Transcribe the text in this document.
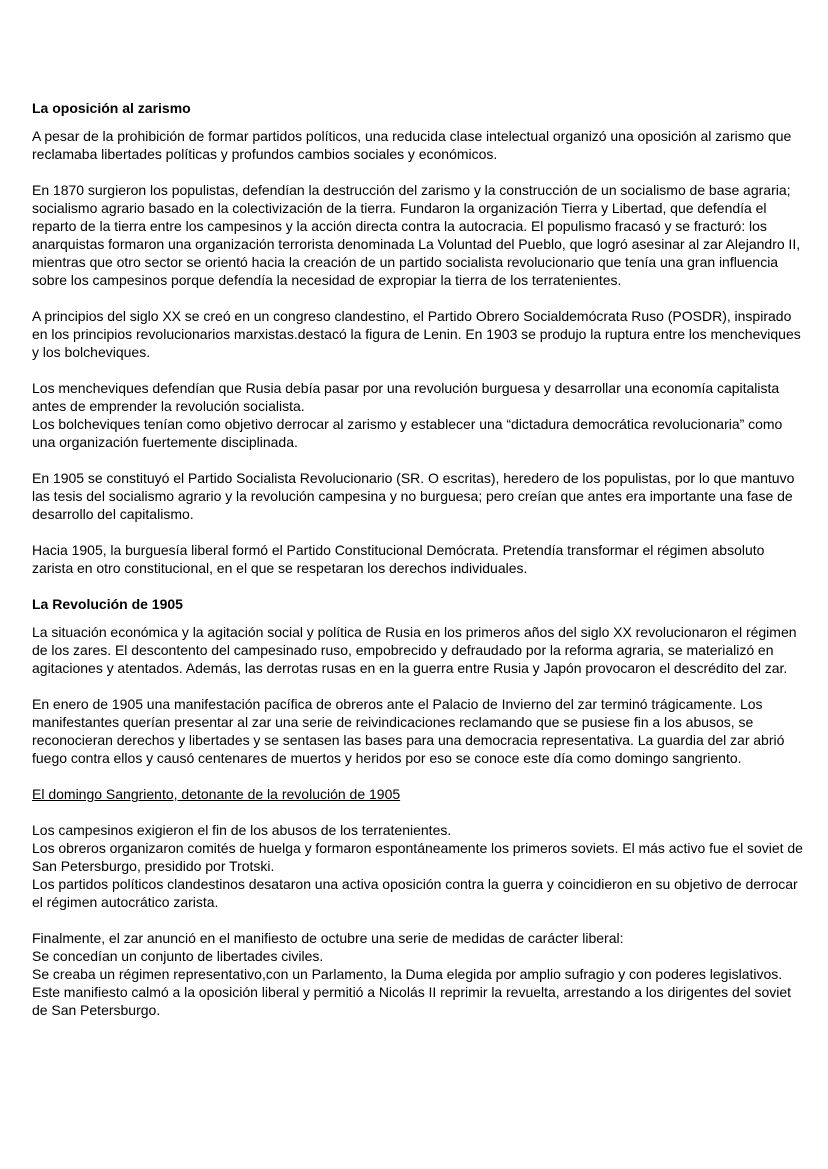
La oposición al zarismo
A pesar de la prohibición de formar partidos políticos, una reducida clase intelectual organizó una oposición al zarismo que
reclamaba libertades políticas y profundos cambios sociales y económicos.
En 1870 surgieron los populistas, defendían la destrucción del zarismo y la construcción de un socialismo de base agraria;
socialismo agrario basado en la colectivización de la tierra. Fundaron la organización Tierra y Libertad, que defendía el
reparto de la tierra entre los campesinos y la acción directa contra la autocracia. El populismo fracasó y se fracturó: los
anarquistas formaron una organización terrorista denominada La Voluntad del Pueblo, que logró asesinar al zar Alejandro II,
mientras que otro sector se orientó hacia la creación de un partido socialista revolucionario que tenía una gran influencia
sobre los campesinos porque defendía la necesidad de expropiar la tierra de los terratenientes.
A principios del siglo XX se creó en un congreso clandestino, el Partido Obrero Socialdemócrata Ruso (POSDR), inspirado
en los principios revolucionarios marxistas.destacó la figura de Lenin. En 1903 se produjo la ruptura entre los mencheviques
y los bolcheviques.
Los mencheviques defendían que Rusia debía pasar por una revolución burguesa y desarrollar una economía capitalista
antes de emprender la revolución socialista.
Los bolcheviques tenían como objetivo derrocar al zarismo y establecer una “dictadura democrática revolucionaria” como
una organización fuertemente disciplinada.
En 1905 se constituyó el Partido Socialista Revolucionario (SR. O escritas), heredero de los populistas, por lo que mantuvo
las tesis del socialismo agrario y la revolución campesina y no burguesa; pero creían que antes era importante una fase de
desarrollo del capitalismo.
Hacia 1905, la burguesía liberal formó el Partido Constitucional Demócrata. Pretendía transformar el régimen absoluto
zarista en otro constitucional, en el que se respetaran los derechos individuales.
La Revolución de 1905
La situación económica y la agitación social y política de Rusia en los primeros años del siglo XX revolucionaron el régimen
de los zares. El descontento del campesinado ruso, empobrecido y defraudado por la reforma agraria, se materializó en
agitaciones y atentados. Además, las derrotas rusas en en la guerra entre Rusia y Japón provocaron el descrédito del zar.
En enero de 1905 una manifestación pacífica de obreros ante el Palacio de Invierno del zar terminó trágicamente. Los
manifestantes querían presentar al zar una serie de reivindicaciones reclamando que se pusiese fin a los abusos, se
reconocieran derechos y libertades y se sentasen las bases para una democracia representativa. La guardia del zar abrió
fuego contra ellos y causó centenares de muertos y heridos por eso se conoce este día como domingo sangriento.
El domingo Sangriento, detonante de la revolución de 1905
Los campesinos exigieron el fin de los abusos de los terratenientes.
Los obreros organizaron comités de huelga y formaron espontáneamente los primeros soviets. El más activo fue el soviet de
San Petersburgo, presidido por Trotski.
Los partidos políticos clandestinos desataron una activa oposición contra la guerra y coincidieron en su objetivo de derrocar
el régimen autocrático zarista.
Finalmente, el zar anunció en el manifiesto de octubre una serie de medidas de carácter liberal:
Se concedían un conjunto de libertades civiles.
Se creaba un régimen representativo,con un Parlamento, la Duma elegida por amplio sufragio y con poderes legislativos.
Este manifiesto calmó a la oposición liberal y permitió a Nicolás II reprimir la revuelta, arrestando a los dirigentes del soviet
de San Petersburgo.
